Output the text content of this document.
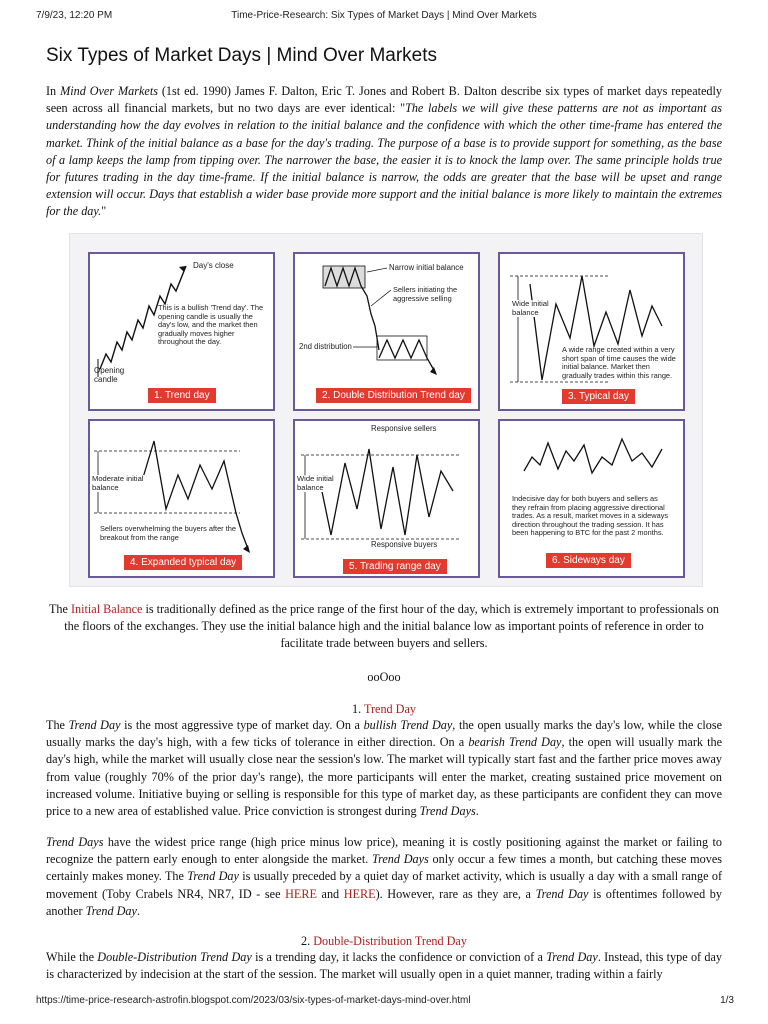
7/9/23, 12:20 PM	Time-Price-Research: Six Types of Market Days | Mind Over Markets
Six Types of Market Days | Mind Over Markets

In Mind Over Markets (1st ed. 1990) James F. Dalton, Eric T. Jones and Robert B. Dalton describe six types of market days repeatedly seen across all financial markets, but no two days are ever identical: "The labels we will give these patterns are not as important as understanding how the day evolves in relation to the initial balance and the confidence with which the other time-frame has entered the market. Think of the initial balance as a base for the day's trading. The purpose of a base is to provide support for something, as the base of a lamp keeps the lamp from tipping over. The narrower the base, the easier it is to knock the lamp over. The same principle holds true for futures trading in the day time-frame. If the initial balance is narrow, the odds are greater that the base will be upset and range extension will occur. Days that establish a wider base provide more support and the initial balance is more likely to maintain the extremes for the day."

Day's close
This is a bullish 'Trend day'. The opening candle is usually the day's low, and the market then gradually moves higher throughout the day.
Opening candle
1. Trend day
Narrow initial balance
Sellers initiating the aggressive selling
2nd distribution
2. Double Distribution Trend day
Wide initial balance
A wide range created within a very short span of time causes the wide initial balance. Market then gradually trades within this range.
3. Typical day
Moderate initial balance
Sellers overwhelming the buyers after the breakout from the range
4. Expanded typical day
Responsive sellers
Wide initial balance
Responsive buyers
5. Trading range day
Indecisive day for both buyers and sellers as they refrain from placing aggressive directional trades. As a result, market moves in a sideways direction throughout the trading session. It has been happening to BTC for the past 2 months.
6. Sideways day

The Initial Balance is traditionally defined as the price range of the first hour of the day, which is extremely important to professionals on the floors of the exchanges. They use the initial balance high and the initial balance low as important points of reference in order to facilitate trade between buyers and sellers.

ooOoo

1. Trend Day

The Trend Day is the most aggressive type of market day. On a bullish Trend Day, the open usually marks the day's low, while the close usually marks the day's high, with a few ticks of tolerance in either direction. On a bearish Trend Day, the open will usually mark the day's high, while the market will usually close near the session's low. The market will typically start fast and the farther price moves away from value (roughly 70% of the prior day's range), the more participants will enter the market, creating sustained price movement on increased volume. Initiative buying or selling is responsible for this type of market day, as these participants are confident they can move price to a new area of established value. Price conviction is strongest during Trend Days.

Trend Days have the widest price range (high price minus low price), meaning it is costly positioning against the market or failing to recognize the pattern early enough to enter alongside the market. Trend Days only occur a few times a month, but catching these moves certainly makes money. The Trend Day is usually preceded by a quiet day of market activity, which is usually a day with a small range of movement (Toby Crabels NR4, NR7, ID - see HERE and HERE). However, rare as they are, a Trend Day is oftentimes followed by another Trend Day.

2. Double-Distribution Trend Day

While the Double-Distribution Trend Day is a trending day, it lacks the confidence or conviction of a Trend Day. Instead, this type of day is characterized by indecision at the start of the session. The market will usually open in a quiet manner, trading within a fairly

https://time-price-research-astrofin.blogspot.com/2023/03/six-types-of-market-days-mind-over.html	1/3
